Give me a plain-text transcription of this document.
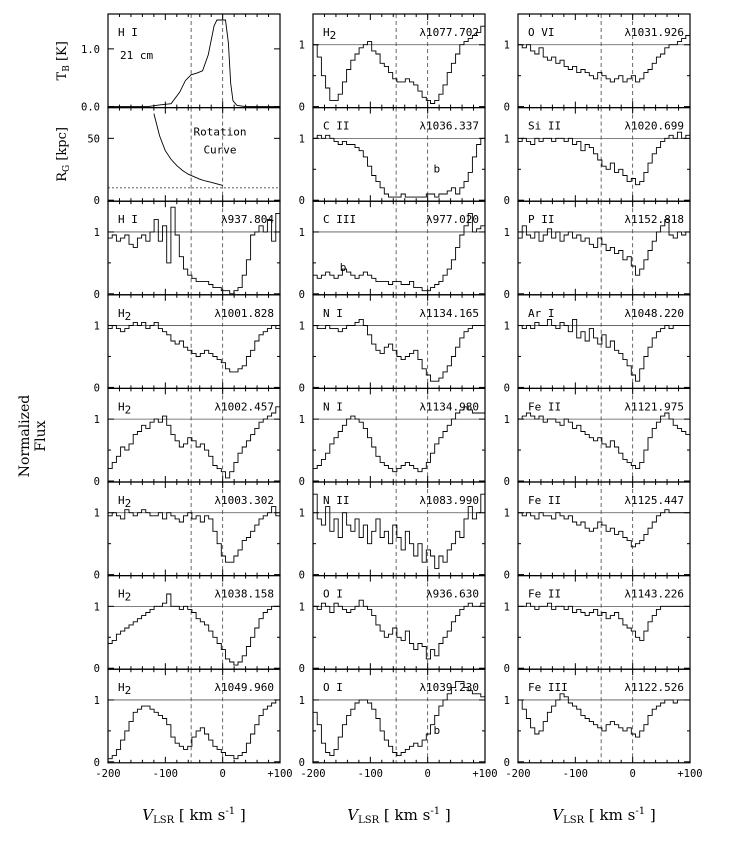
0.0
1.0
$T_B$ [K]
H I
21 cm
0
50
$R_G$ [kpc]	Rotation
Curve
0
1
H I	λ937.804
0
1
H2	λ1001.828
0
1
H2	λ1002.457
0
1
H2	λ1003.302
0
1
H2	λ1038.158
0
1
H2	λ1049.960
-200	-100	0	+100
$V_{LSR}$ [ km $s^{-1}$ ]
0
1
H2	λ1077.702
0
1
C II	λ1036.337
b
0
1
C III	λ977.020
b
0
1
N I	λ1134.165
0
1
N I	λ1134.980
0
1
N II	λ1083.990
0
1
O I	λ936.630
0
1
O I	λ1039.230
b
-200	-100	0	+100
$V_{LSR}$ [ km $s^{-1}$ ]
0
1
O VI	λ1031.926
0
1
Si II	λ1020.699
0
1
P II	λ1152.818
0
1
Ar I	λ1048.220
0
1
Fe II	λ1121.975
0
1
Fe II	λ1125.447
0
1
Fe II	λ1143.226
0
1
Fe III	λ1122.526
-200	-100	0	+100
$V_{LSR}$ [ km $s^{-1}$ ]
Normalized Flux
